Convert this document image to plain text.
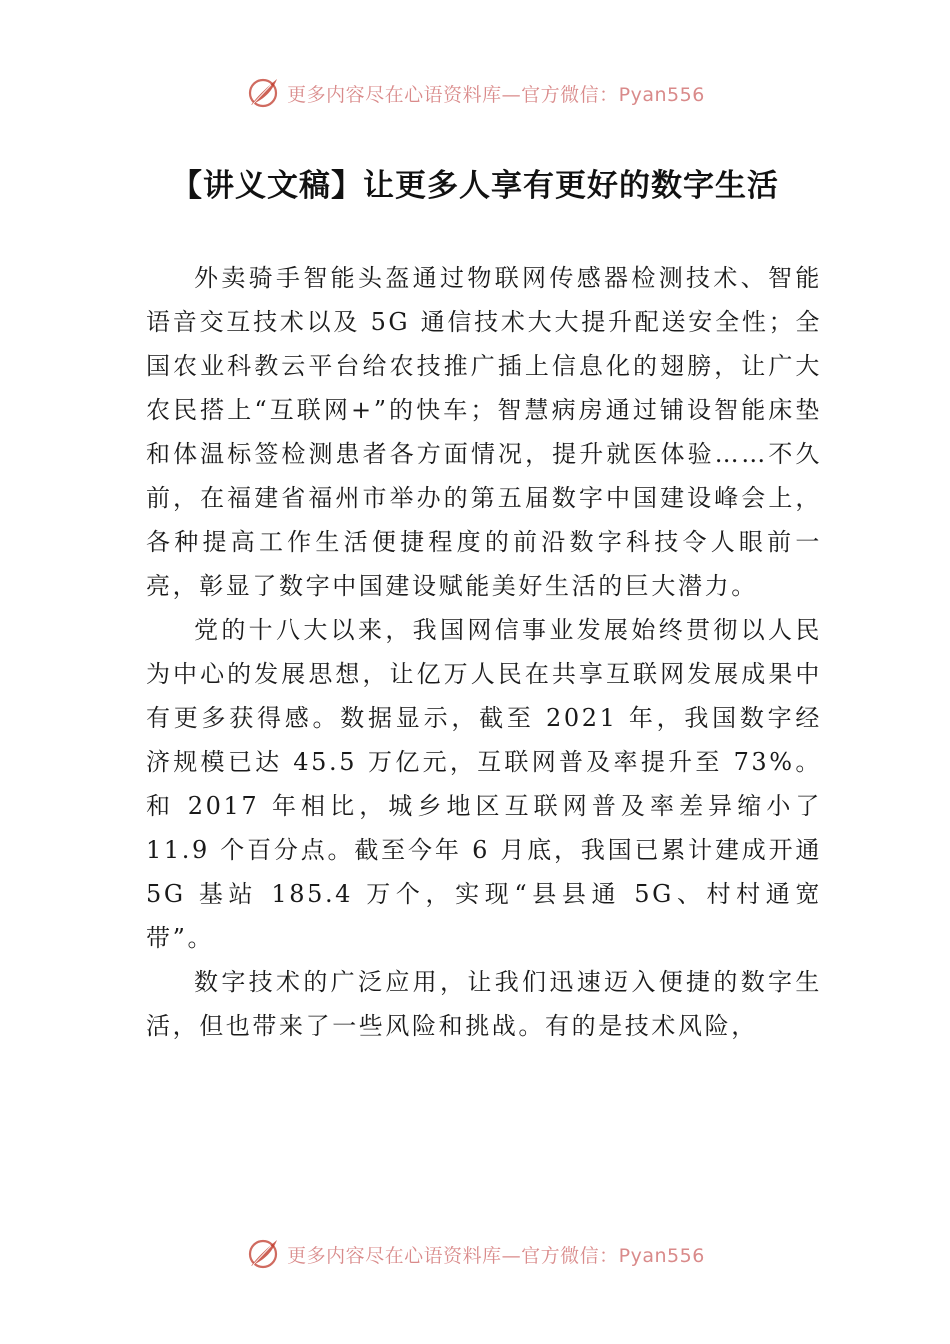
更多内容尽在心语资料库—官方微信：Pyan556
【讲义文稿】让更多人享有更好的数字生活

外卖骑手智能头盔通过物联网传感器检测技术、智能语音交互技术以及 5G 通信技术大大提升配送安全性；全国农业科教云平台给农技推广插上信息化的翅膀，让广大农民搭上“互联网+”的快车；智慧病房通过铺设智能床垫和体温标签检测患者各方面情况，提升就医体验……不久前，在福建省福州市举办的第五届数字中国建设峰会上，各种提高工作生活便捷程度的前沿数字科技令人眼前一亮，彰显了数字中国建设赋能美好生活的巨大潜力。

党的十八大以来，我国网信事业发展始终贯彻以人民为中心的发展思想，让亿万人民在共享互联网发展成果中有更多获得感。数据显示，截至 2021 年，我国数字经济规模已达 45.5 万亿元，互联网普及率提升至 73%。和 2017 年相比，城乡地区互联网普及率差异缩小了 11.9 个百分点。截至今年 6 月底，我国已累计建成开通 5G 基站 185.4 万个，实现“县县通 5G、村村通宽带”。

数字技术的广泛应用，让我们迅速迈入便捷的数字生活，但也带来了一些风险和挑战。有的是技术风险，

更多内容尽在心语资料库—官方微信：Pyan556
